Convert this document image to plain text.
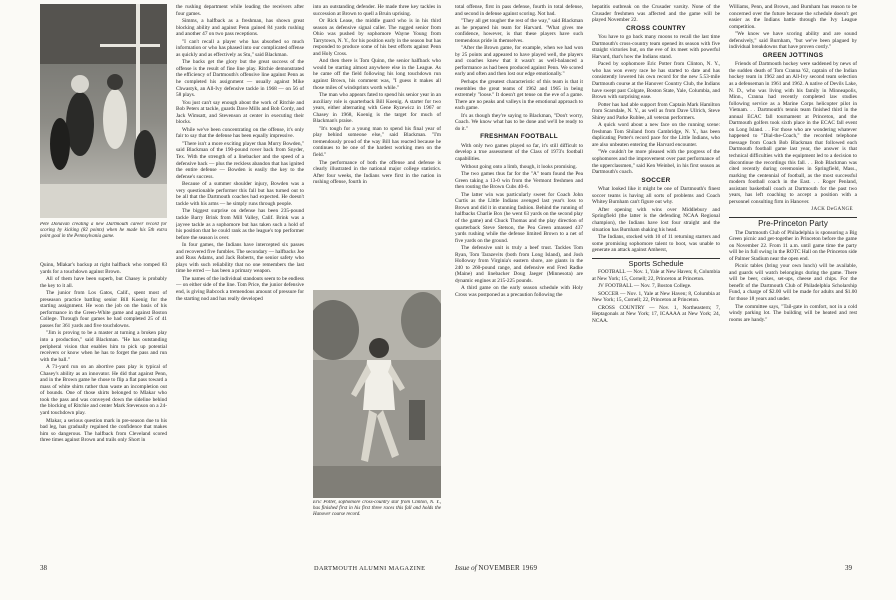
Pete Donavan creating a new Dartmouth career record for scoring by kicking (82 points) when he made his 5th extra point goal in the Pennsylvania game.

Quinn, Mlakar's backup at right halfback who romped 83 yards for a touchdown against Brown.

All of them have been superb, but Chasey is probably the key to it all.

The junior from Los Gatos, Calif., spent most of preseason practice battling senior Bill Koenig for the starting assignment. He won the job on the basis of his performance in the Green-White game and against Boston College. Through four games he had completed 25 of 41 passes for 361 yards and five touchdowns.

"Jim is proving to be a master at turning a broken play into a production," said Blackman. "He has outstanding peripheral vision that enables him to pick up potential receivers or know when he has to forget the pass and run with the ball."

A 71-yard run on an abortive pass play is typical of Chasey's ability as an innovator. He did that against Penn, and in the Brown game he chose to flip a flat pass toward a mass of white shirts rather than waste an incompletion out of bounds. One of those shirts belonged to Mlakar who took the pass and was conveyed down the sideline behind the blocking of Ritchie and center Mark Stevenson on a 24-yard touchdown play.

Mlakar, a serious question mark in pre-season due to his bad leg, has gradually regained the confidence that makes him so dangerous. The halfback from Cleveland scored three times against Brown and trails only Short in

the rushing department while leading the receivers after four games.

Simms, a halfback as a freshman, has shown great blocking ability and against Penn gained 84 yards rushing and another 47 on two pass receptions.

"I can't recall a player who has absorbed so much information or who has phased into our complicated offense as quickly and as effectively as Stu," said Blackman.

The backs get the glory but the great success of the offense is the result of fine line play. Ritchie demonstrated the efficiency of Dartmouth's offensive line against Penn as he completed his assignment — usually against Mike Chwastyk, an All-Ivy defensive tackle in 1968 — on 56 of 58 plays.

You just can't say enough about the work of Ritchie and Bob Peters at tackle, guards Dave Mills and Bob Cordy, and Jack Wimsatt, and Stevenson at center in executing their blocks.

While we've been concentrating on the offense, it's only fair to say that the defense has been equally impressive.

"There isn't a more exciting player than Murry Bowden," said Blackman of the 190-pound rover back from Snyder, Tex. With the strength of a linebacker and the speed of a defensive back — plus the reckless abandon that has ignited the entire defense — Bowden is easily the key to the defense's success.

Because of a summer shoulder injury, Bowden was a very questionable performer this fall but has turned out to be all that the Dartmouth coaches had expected. He doesn't tackle with his arms — he simply runs through people.

The biggest surprise on defense has been 235-pound tackle Barry Brink from Mill Valley, Calif. Brink was a jayvee tackle as a sophomore but has taken such a hold of his position that he could rank as the league's top performer before the season is over.

In four games, the Indians have intercepted six passes and recovered five fumbles. The secondary — halfbacks Joe and Russ Adams, and Jack Roberts, the senior safety who plays with such reliability that no one remembers the last time he erred — has been a primary weapon.

The names of the individual standouts seem to be endless — on either side of the line. Tom Price, the junior defensive end, is giving Babcock a tremendous amount of pressure for the starting nod and has really developed

into an outstanding defender. He made three key tackles in succession at Brown to quell a Bruin uprising.

Or Rick Lease, the middle guard who is in his third season as defensive signal caller. The rugged senior from Ohio was pushed by sophomore Wayne Young from Tarrytown, N. Y., for his position early in the season but has responded to produce some of his best efforts against Penn and Holy Cross.

And then there is Tom Quinn, the senior halfback who would be starting almost anywhere else in the League. As he came off the field following his long touchdown run against Brown, his comment was, "I guess it makes all those miles of windsprints worth while."

The man who appears fated to spend his senior year in an auxiliary role is quarterback Bill Koenig. A starter for two years, either alternating with Gene Ryzewicz in 1967 or Chasey in 1968, Koenig is the target for much of Blackman's praise.

"It's tough for a young man to spend his final year of play behind someone else," said Blackman. "I'm tremendously proud of the way Bill has reacted because he continues to be one of the hardest working men on the field."

The performance of both the offense and defense is clearly illustrated in the national major college statistics. After four weeks, the Indians were first in the nation in rushing offense, fourth in

Eric Potter, sophomore cross-country star from Clinton, N. Y., has finished first in his first three races this fall and holds the Hanover course record.
38	DARTMOUTH ALUMNI MAGAZINE

total offense, first in pass defense, fourth in total defense, and second in defense against scoring. Not bad.

"They all get tougher the rest of the way," said Blackman as he prepared his team for Harvard. "What gives me confidence, however, is that these players have such tremendous pride in themselves.

"After the Brown game, for example, when we had won by 25 points and appeared to have played well, the players and coaches knew that it wasn't as well-balanced a performance as had been produced against Penn. We scored early and often and then lost our edge emotionally."

Perhaps the greatest characteristic of this team is that it resembles the great teams of 1962 and 1965 in being extremely "loose." It doesn't get tense on the eve of a game. There are no peaks and valleys in the emotional approach to each game.

It's as though they're saying to Blackman, "Don't worry, Coach. We know what has to be done and we'll be ready to do it."

FRESHMAN FOOTBALL

With only two games played so far, it's still difficult to develop a true assessment of the Class of 1973's football capabilities.

Without going onto a limb, though, it looks promising.

The two games thus far for the "A" team found the Pea Green taking a 13-0 win from the Vermont freshmen and then routing the Brown Cubs 40-6.

The latter win was particularly sweet for Coach John Curtis as the Little Indians avenged last year's loss to Brown and did it in stunning fashion. Behind the running of halfbacks Charlie Box (he went 63 yards on the second play of the game) and Chuck Thomas and the play direction of quarterback Steve Stetson, the Pea Green amassed 437 yards rushing while the defense limited Brown to a net of five yards on the ground.

The defensive unit is truly a beef trust. Tackles Tom Ryan, Tom Tarazevits (both from Long Island), and Josh Holloway from Virginia's eastern shore, are giants in the 240 to 260-pound range, and defensive end Fred Radke (Maine) and linebacker Doug Jaeger (Minnesota) are dynamic engines at 215-225 pounds.

A third game on the early season schedule with Holy Cross was postponed as a precaution following the

hepatitis outbreak on the Crusader varsity. None of the Crusader freshmen was affected and the game will be played November 22.

CROSS COUNTRY

You have to go back many moons to recall the last time Dartmouth's cross-country team opened its season with five straight victories but, on the eve of its meet with powerful Harvard, that's how the Indians stand.

Paced by sophomore Eric Potter from Clinton, N. Y., who has won every race he has started to date and has consistently lowered his own record for the new 5.53-mile Dartmouth course at the Hanover Country Club, the Indians have swept past Colgate, Boston State, Yale, Columbia, and Brown with surprising ease.

Potter has had able support from Captain Mark Hamilton from Scarsdale, N. Y., as well as from Dave Ullrich, Steve Shirey and Parke Rublee, all veteran performers.

A quick word about a new face on the running scene: freshman Tom Shiland from Cambridge, N. Y., has been duplicating Potter's record pace for the Little Indians, who are also unbeaten entering the Harvard encounter.

"We couldn't be more pleased with the progress of the sophomores and the improvement over past performance of the upperclassmen," said Ken Weinbel, in his first season as Dartmouth's coach.

SOCCER

What looked like it might be one of Dartmouth's finest soccer teams is having all sorts of problems and Coach Whitey Burnham can't figure out why.

After opening with wins over Middlebury and Springfield (the latter is the defending NCAA Regional champion), the Indians have lost four straight and the situation has Burnham shaking his head.

The Indians, stocked with 10 of 11 returning starters and some promising sophomore talent to boot, was unable to generate an attack against Amherst,

Sports Schedule

FOOTBALL — Nov. 1, Yale at New Haven; 8, Columbia at New York; 15, Cornell; 22, Princeton at Princeton.

JV FOOTBALL — Nov. 7, Boston College.

SOCCER — Nov. 1, Yale at New Haven; 8, Columbia at New York; 15, Cornell; 22, Princeton at Princeton.

CROSS COUNTRY — Nov. 1, Northeastern; 7, Heptagonals at New York; 17, ICAAAA at New York; 24, NCAA.

Williams, Penn, and Brown, and Burnham has reason to be concerned over the future because the schedule doesn't get easier as the Indians battle through the Ivy League competition.

"We know we have scoring ability and are sound defensively," said Burnham, "but we've been plagued by individual breakdowns that have proven costly."

GREEN JOTTINGS

Friends of Dartmouth hockey were saddened by news of the sudden death of Tom Cranna '62, captain of the Indian hockey team in 1962 and an All-Ivy second team selection as a defenseman in 1961 and 1962. A native of Devils Lake, N. D., who was living with his family in Minneapolis, Minn., Cranna had recently completed law studies following service as a Marine Corps helicopter pilot in Vietnam. . . Dartmouth's tennis team finished third in the annual ECAC fall tournament at Princeton, and the Dartmouth golfers took sixth place in the ECAC fall event on Long Island. . . For those who are wondering whatever happened to "Dial-the-Coach," the recorded telephone message from Coach Bob Blackman that followed each Dartmouth football game last year, the answer is that technical difficulties with the equipment led to a decision to discontinue the recordings this fall. . . Bob Blackman was cited recently during ceremonies in Springfield, Mass., marking the centennial of football, as the most successful modern football coach in the East. . . Roger Penland, assistant basketball coach at Dartmouth for the past two years, has left coaching to accept a position with a personnel consulting firm in Hanover.

JACK DeGANGE
Pre-Princeton Party

The Dartmouth Club of Philadelphia is sponsoring a Big Green picnic and get-together in Princeton before the game on November 22. From 11 a.m. until game time the party will be in full swing in the ROTC Hall on the Princeton side of Palmer Stadium near the open end.

Picnic tables (bring your own lunch) will be available, and guards will watch belongings during the game. There will be beer, cokes, set-ups, cheese and chips. For the benefit of the Dartmouth Club of Philadelphia Scholarship Fund, a charge of $2.00 will be made for adults and $1.00 for those 18 years and under.

The committee says, "Tail-gate in comfort, not in a cold windy parking lot. The building will be heated and rest rooms are handy."

Issue of NOVEMBER 1969	39
